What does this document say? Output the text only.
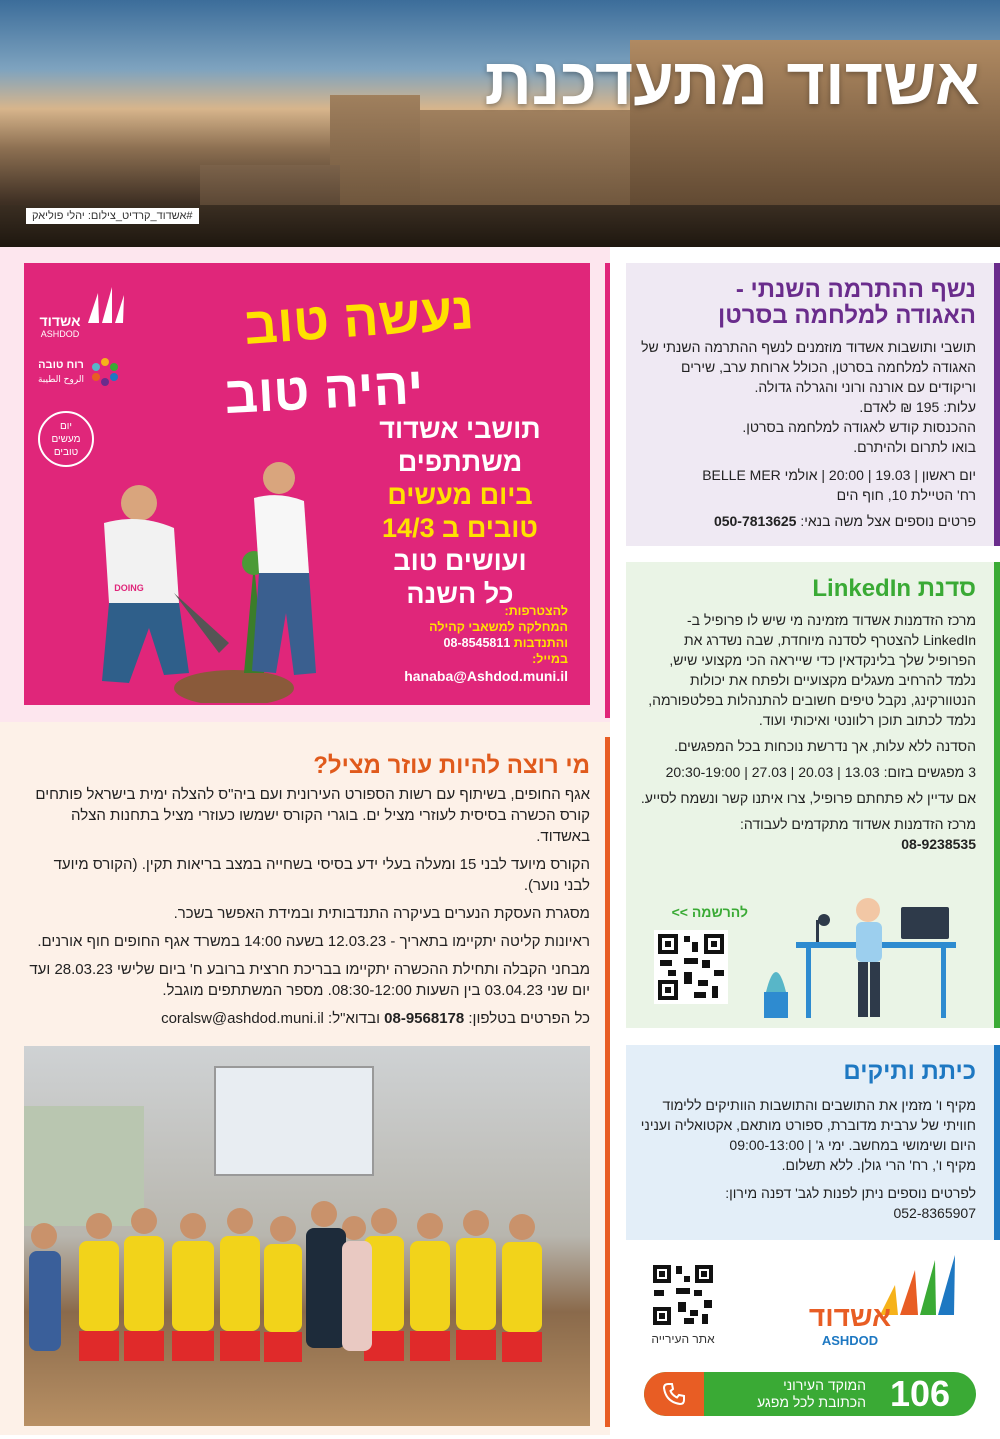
אשדוד מתעדכנת
#אשדוד_קרדיט_צילום: יהלי פוליאק
נשף ההתרמה השנתי -
האגודה למלחמה בסרטן

תושבי ותושבות אשדוד מוזמנים לנשף ההתרמה השנתי של האגודה למלחמה בסרטן, הכולל ארוחת ערב, שירים וריקודים עם אורנה ורוני והגרלה גדולה.

עלות: 195 ₪ לאדם.

ההכנסות קודש לאגודה למלחמה בסרטן.

בואו לתרום ולהיתרם.

יום ראשון | 19.03 | 20:00 | אולמי BELLE MER

רח' הטיילת 10, חוף הים

פרטים נוספים אצל משה בנאי: 050-7813625

סדנת LinkedIn

מרכז הזדמנות אשדוד מזמינה מי שיש לו פרופיל ב-LinkedIn להצטרף לסדנה מיוחדת, שבה נשדרג את הפרופיל שלך בלינקדאין כדי שייראה הכי מקצועי שיש, נלמד להרחיב מעגלים מקצועיים ולפתח את יכולות הנטוורקינג, נקבל טיפים חשובים להתנהלות בפלטפורמה, נלמד לכתוב תוכן רלוונטי ואיכותי ועוד.

הסדנה ללא עלות, אך נדרשת נוכחות בכל המפגשים.

3 מפגשים בזום: 13.03 | 20.03 | 27.03 | 20:30-19:00

אם עדיין לא פתחתם פרופיל, צרו איתנו קשר ונשמח לסייע.

מרכז הזדמנות אשדוד מתקדמים לעבודה:

08-9238535

להרשמה >>
כיתת ותיקים

מקיף ו' מזמין את התושבים והתושבות הוותיקים ללימוד חוויתי של ערבית מדוברת, ספורט מותאם, אקטואליה ועניני היום ושימושי במחשב. ימי ג' | 09:00-13:00

מקיף ו', רח' הרי גולן. ללא תשלום.

לפרטים נוספים ניתן לפנות לגב' דפנה מירון:

052-8365907

אשדוד
ASHDOD
אתר העירייה
המוקד העירוני
הכתובת לכל מפגע 106
אשדוד
ASHDOD
רוח טובה
الروح الطيبة
יום
מעשים
טובים
נעשה טוב
יהיה טוב
תושבי אשדוד
משתתפים
ביום מעשים
טובים ב 14/3
ועושים טוב
כל השנה
להצטרפות:
המחלקה למשאבי קהילה
והתנדבות 08-8545811
במייל:
hanaba@Ashdod.muni.il
DOING
מי רוצה להיות עוזר מציל?

אגף החופים, בשיתוף עם רשות הספורט העירונית ועם ביה"ס להצלה ימית בישראל פותחים קורס הכשרה בסיסית לעוזרי מציל ים. בוגרי הקורס ישמשו כעוזרי מציל בתחנות הצלה באשדוד.

הקורס מיועד לבני 15 ומעלה בעלי ידע בסיסי בשחייה במצב בריאות תקין. (הקורס מיועד לבני נוער).

מסגרת העסקת הנערים בעיקרה התנדבותית ובמידת האפשר בשכר.

ראיונות קליטה יתקיימו בתאריך - 12.03.23 בשעה 14:00 במשרד אגף החופים חוף אורנים.

מבחני הקבלה ותחילת ההכשרה יתקיימו בבריכת חרצית ברובע ח' ביום שלישי 28.03.23 ועד יום שני 03.04.23 בין השעות 08:30-12:00. מספר המשתתפים מוגבל.

כל הפרטים בטלפון: 08-9568178 ובדוא"ל: coralsw@ashdod.muni.il
